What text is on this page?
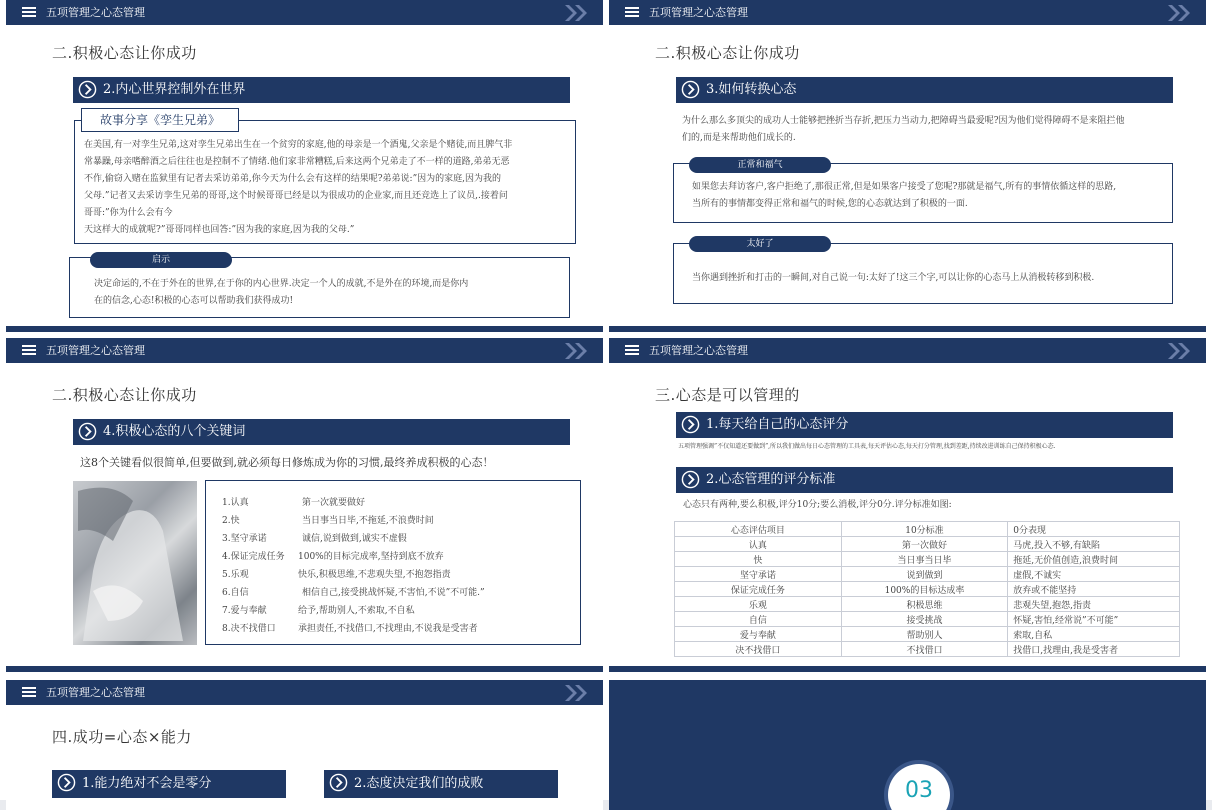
五项管理之心态管理
二.积极心态让你成功
2.内心世界控制外在世界
故事分享《孪生兄弟》
在美国,有一对孪生兄弟,这对孪生兄弟出生在一个贫穷的家庭,他的母亲是一个酒鬼,父亲是个赌徒,而且脾气非
常暴躁,母亲嗜醉酒之后往往也是控制不了情绪.他们家非常糟糕,后来这两个兄弟走了不一样的道路,弟弟无恶
不作,偷窃入赌在监狱里有记者去采访弟弟,你今天为什么会有这样的结果呢?弟弟说:”因为的家庭,因为我的
父母.”记者又去采访孪生兄弟的哥哥,这个时候哥哥已经是以为很成功的企业家,而且还竞选上了议员,.接着问
哥哥:”你为什么会有今
天这样大的成就呢?”哥哥同样也回答:”因为我的家庭,因为我的父母.”
启示
决定命运的,不在于外在的世界,在于你的内心世界.决定一个人的成就,不是外在的环境,而是你内
在的信念,心态!积极的心态可以帮助我们获得成功!
五项管理之心态管理
二.积极心态让你成功
3.如何转换心态
为什么那么多顶尖的成功人士能够把挫折当存折,把压力当动力,把障碍当最爱呢?因为他们觉得障碍不是来阻拦他
们的,而是来帮助他们成长的.
正常和福气
如果您去拜访客户,客户拒绝了,那很正常,但是如果客户接受了您呢?那就是福气,所有的事情依循这样的思路,
当所有的事情都变得正常和福气的时候,您的心态就达到了积极的一面.
太好了
当你遇到挫折和打击的一瞬间,对自己说一句:太好了!这三个字,可以让你的心态马上从消极转移到积极.
五项管理之心态管理
二.积极心态让你成功
4.积极心态的八个关键词
这8个关键看似很简单,但要做到,就必须每日修炼成为你的习惯,最终养成积极的心态！
1.认真	第一次就要做好
2.快	当日事当日毕,不拖延,不浪费时间
3.坚守承诺	诚信,说到做到,诚实不虚假
4.保证完成任务 100%的目标完成率,坚持到底不放弃
5.乐观	快乐,积极思维,不悲观失望,不抱怨指责
6.自信	相信自己,接受挑战怀疑,不害怕,不说”不可能.”
7.爱与奉献	给予,帮助别人,不索取,不自私
8.决不找借口 承担责任,不找借口,不找理由,不说我是受害者
五项管理之心态管理
三.心态是可以管理的
1.每天给自己的心态评分
五项管理强调”不仅知道还要做到”,所以我们做出每日心态管理的工具表,每天评估心态,每天打分管理,找到差距,持续改进训练自己保持积极心态.
2.心态管理的评分标准
心态只有两种,要么积极,评分10分;要么消极,评分0分.评分标准如图:
心态评估项目	10分标准	0分表现
认真	第一次做好	马虎,投入不够,有缺陷
快	当日事当日毕	拖延,无价值创造,浪费时间
坚守承诺	说到做到	虚假,不诚实
保证完成任务	100%的目标达成率	放弃或不能坚持
乐观	积极思维	悲观失望,抱怨,指责
自信	接受挑战	怀疑,害怕,经常说”不可能”
爱与奉献	帮助别人	索取,自私
决不找借口	不找借口	找借口,找理由,我是受害者
五项管理之心态管理
四.成功=心态×能力
1.能力绝对不会是零分	2.态度决定我们的成败	03
